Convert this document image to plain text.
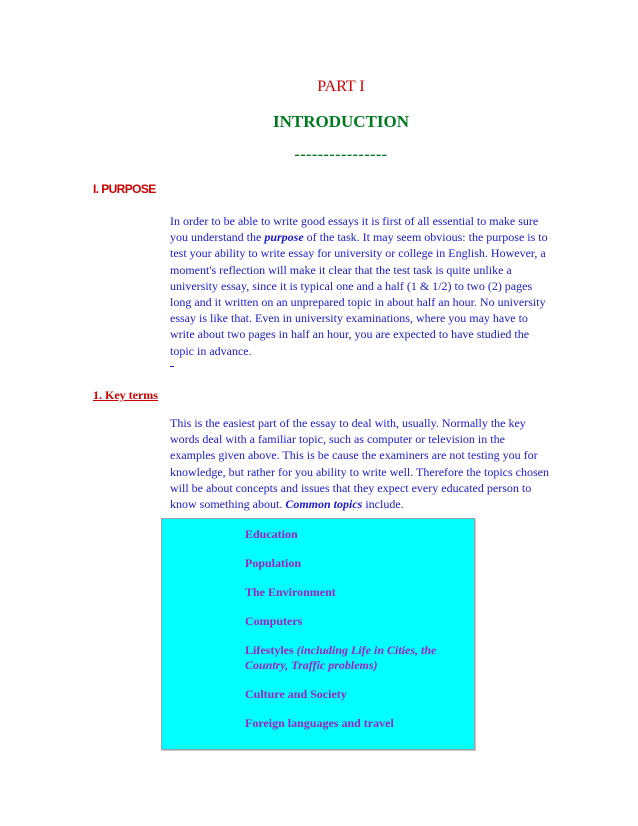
PART I
INTRODUCTION
----------------
I. PURPOSE
In order to be able to write good essays it is first of all essential to make sure you understand the purpose of the task. It may seem obvious: the purpose is to test your ability to write essay for university or college in English. However, a moment's reflection will make it clear that the test task is quite unlike a university essay, since it is typical one and a half (1 & 1/2) to two (2) pages long and it written on an unprepared topic in about half an hour. No university essay is like that. Even in university examinations, where you may have to write about two pages in half an hour, you are expected to have studied the topic in advance.
1. Key terms
This is the easiest part of the essay to deal with, usually. Normally the key words deal with a familiar topic, such as computer or television in the examples given above. This is be cause the examiners are not testing you for knowledge, but rather for you ability to write well. Therefore the topics chosen will be about concepts and issues that they expect every educated person to know something about. Common topics include.
Education
Population
The Environment
Computers
Lifestyles (including Life in Cities, the Country, Traffic problems)
Culture and Society
Foreign languages and travel
